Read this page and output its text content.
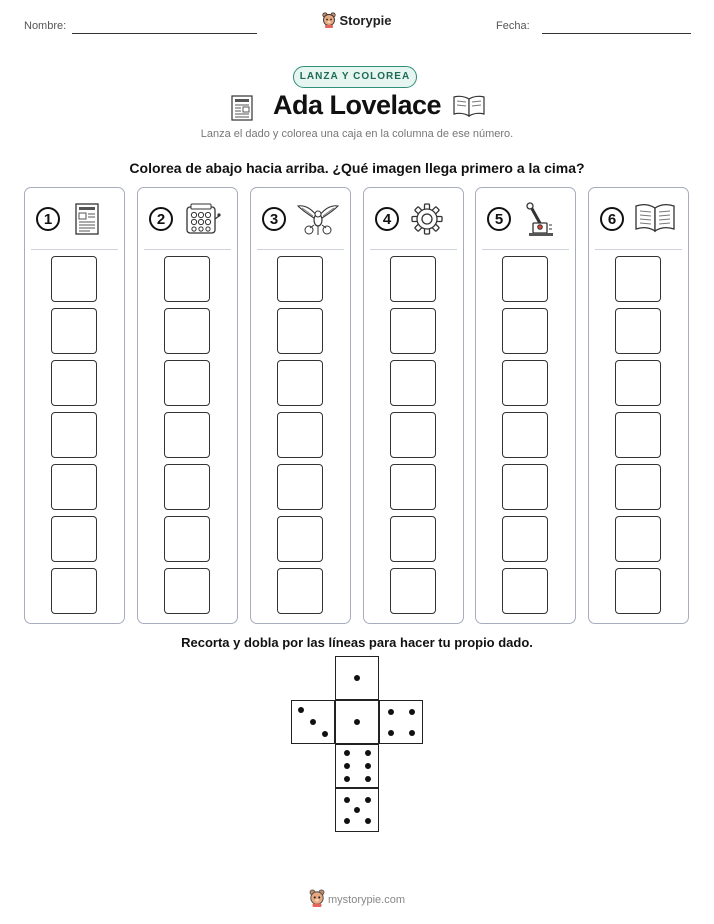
Nombre:	Storypie	Fecha:
LANZA Y COLOREA
Ada Lovelace
Lanza el dado y colorea una caja en la columna de ese número.
Colorea de abajo hacia arriba. ¿Qué imagen llega primero a la cima?
1	2	3	4	5	6
Recorta y dobla por las líneas para hacer tu propio dado.
mystorypie.com
